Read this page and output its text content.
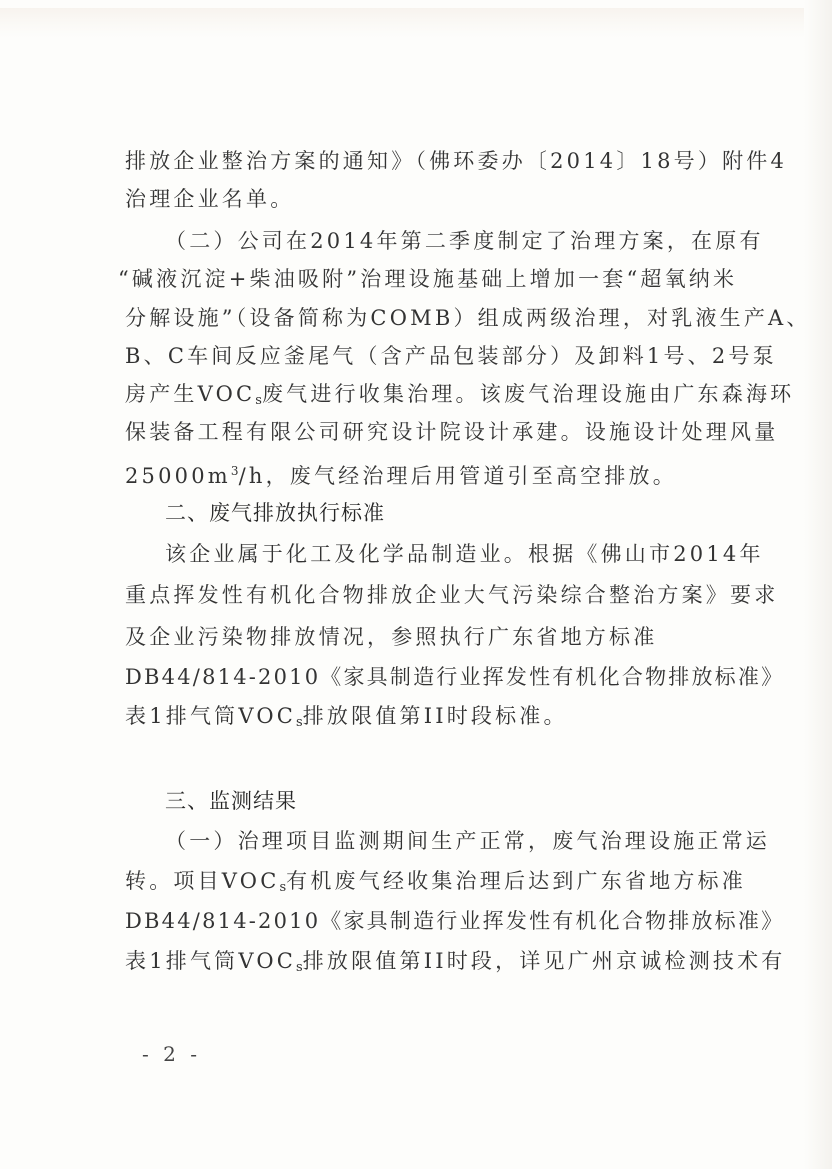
排放企业整治方案的通知》（佛环委办〔2014〕18号）附件4
治理企业名单。
（二）公司在2014年第二季度制定了治理方案，在原有
“碱液沉淀+柴油吸附”治理设施基础上增加一套“超氧纳米
分解设施”（设备简称为COMB）组成两级治理，对乳液生产A、
B、C车间反应釜尾气（含产品包装部分）及卸料1号、2号泵
房产生$VOC_s$废气进行收集治理。该废气治理设施由广东森海环
保装备工程有限公司研究设计院设计承建。设施设计处理风量
$25000m^3/h$，废气经治理后用管道引至高空排放。
二、废气排放执行标准
该企业属于化工及化学品制造业。根据《佛山市2014年
重点挥发性有机化合物排放企业大气污染综合整治方案》要求
及企业污染物排放情况，参照执行广东省地方标准
DB44/814-2010《家具制造行业挥发性有机化合物排放标准》
表1排气筒$VOC_s$排放限值第II时段标准。
三、监测结果
（一）治理项目监测期间生产正常，废气治理设施正常运
转。项目$VOC_s$有机废气经收集治理后达到广东省地方标准
DB44/814-2010《家具制造行业挥发性有机化合物排放标准》
表1排气筒$VOC_s$排放限值第II时段，详见广州京诚检测技术有
- 2 -
